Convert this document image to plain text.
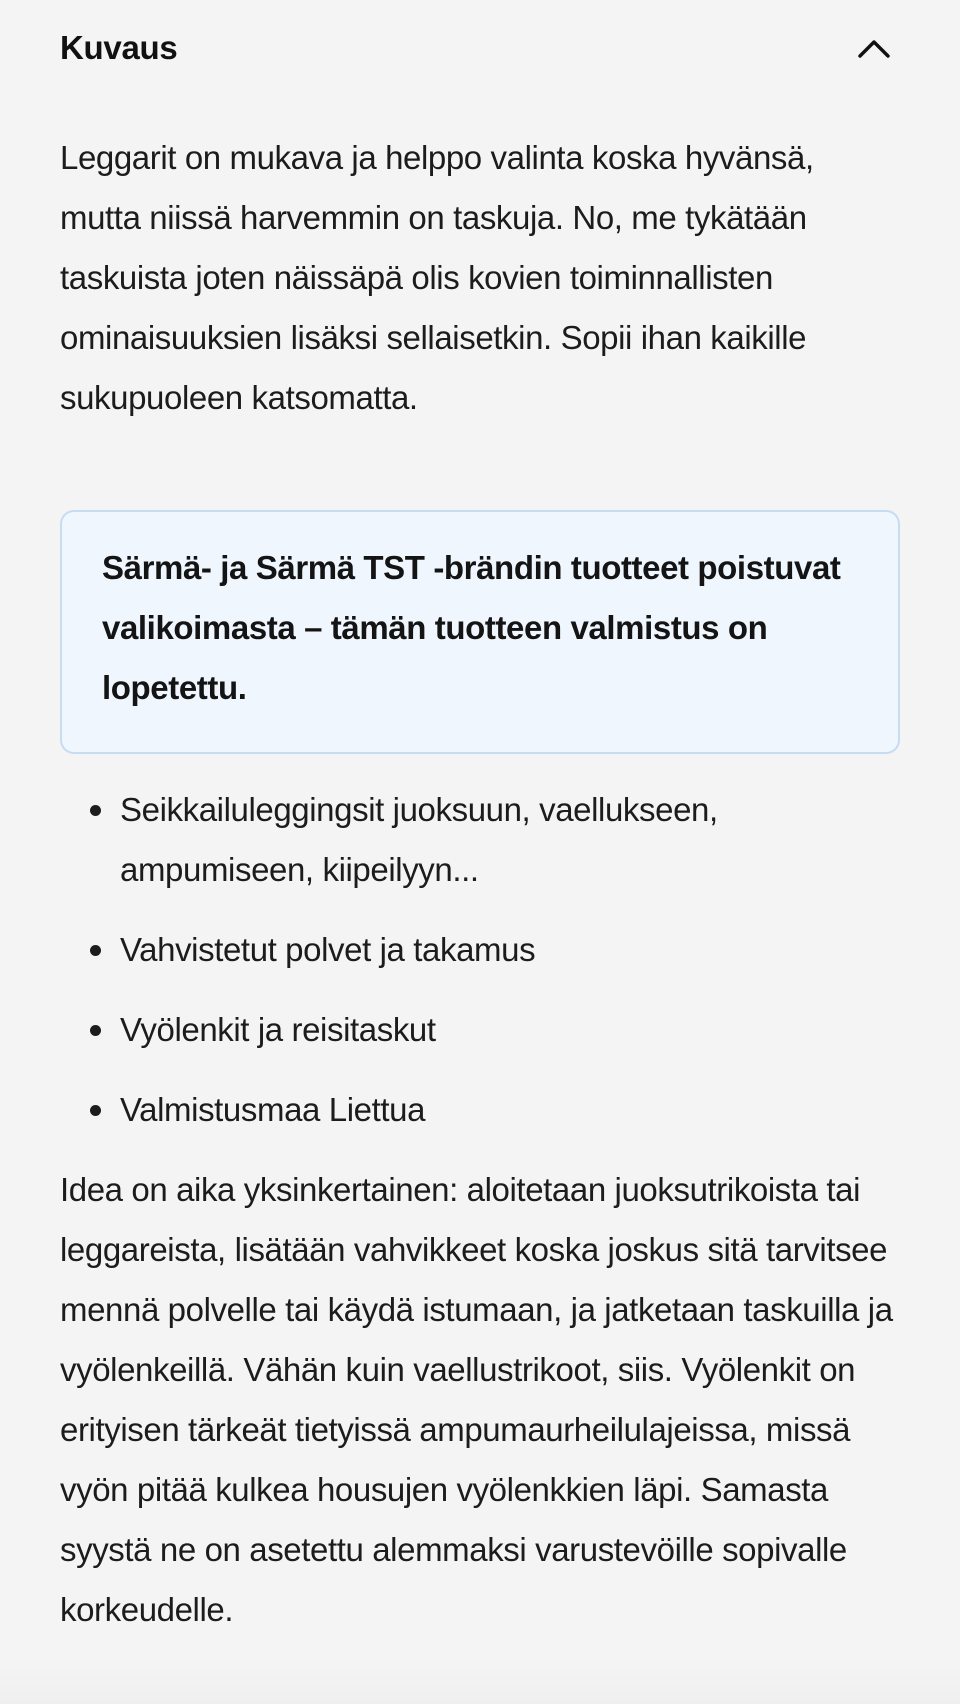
Kuvaus

Leggarit on mukava ja helppo valinta koska hyvänsä, mutta niissä harvemmin on taskuja. No, me tykätään taskuista joten näissäpä olis kovien toiminnallisten ominaisuuksien lisäksi sellaisetkin. Sopii ihan kaikille sukupuoleen katsomatta.

Särmä- ja Särmä TST -brändin tuotteet poistuvat valikoimasta – tämän tuotteen valmistus on lopetettu.
Seikkailuleggingsit juoksuun, vaellukseen, ampumiseen, kiipeilyyn...
Vahvistetut polvet ja takamus
Vyölenkit ja reisitaskut
Valmistusmaa Liettua

Idea on aika yksinkertainen: aloitetaan juoksutrikoista tai leggareista, lisätään vahvikkeet koska joskus sitä tarvitsee mennä polvelle tai käydä istumaan, ja jatketaan taskuilla ja vyölenkeillä. Vähän kuin vaellustrikoot, siis. Vyölenkit on erityisen tärkeät tietyissä ampumaurheilulajeissa, missä vyön pitää kulkea housujen vyölenkkien läpi. Samasta syystä ne on asetettu alemmaksi varustevöille sopivalle korkeudelle.
